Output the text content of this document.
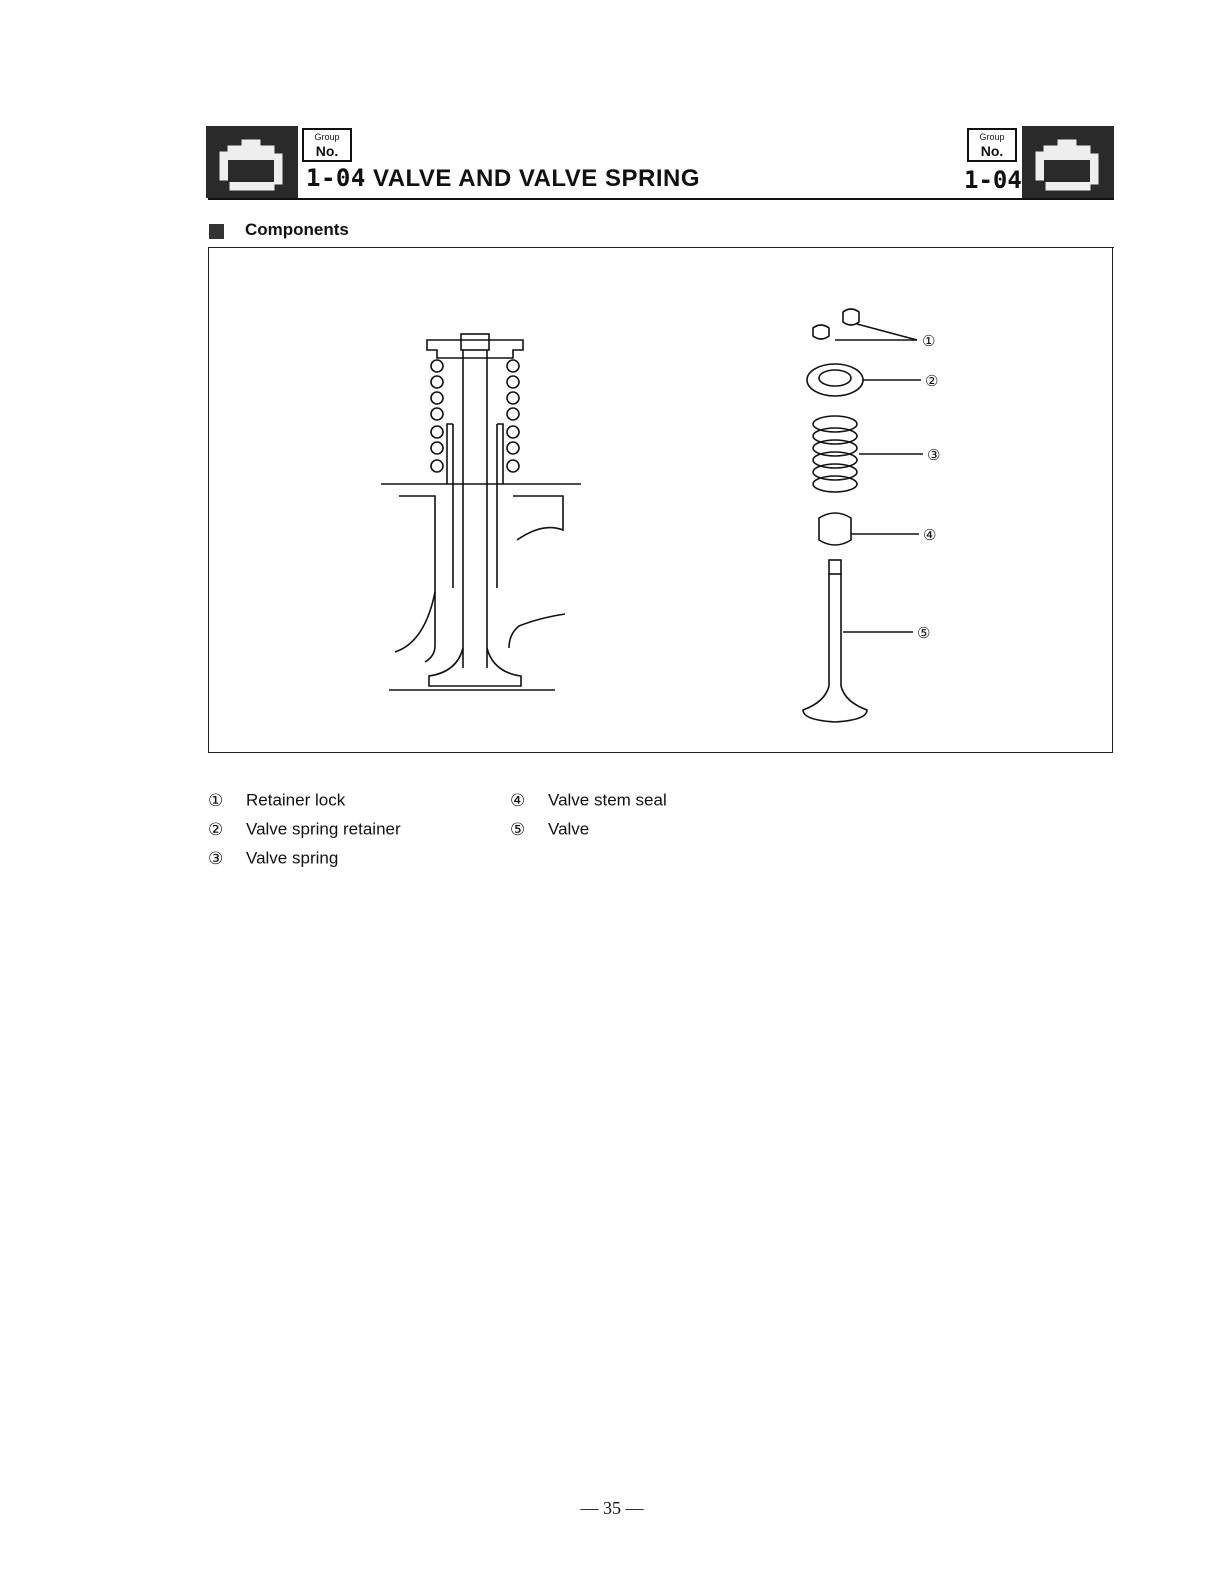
Group
No.
1-04 VALVE AND VALVE SPRING
Group
No.
1-04
Components
①
②
③
④
⑤
① Retainer lock
② Valve spring retainer
③ Valve spring
④ Valve stem seal
⑤ Valve
— 35 —
